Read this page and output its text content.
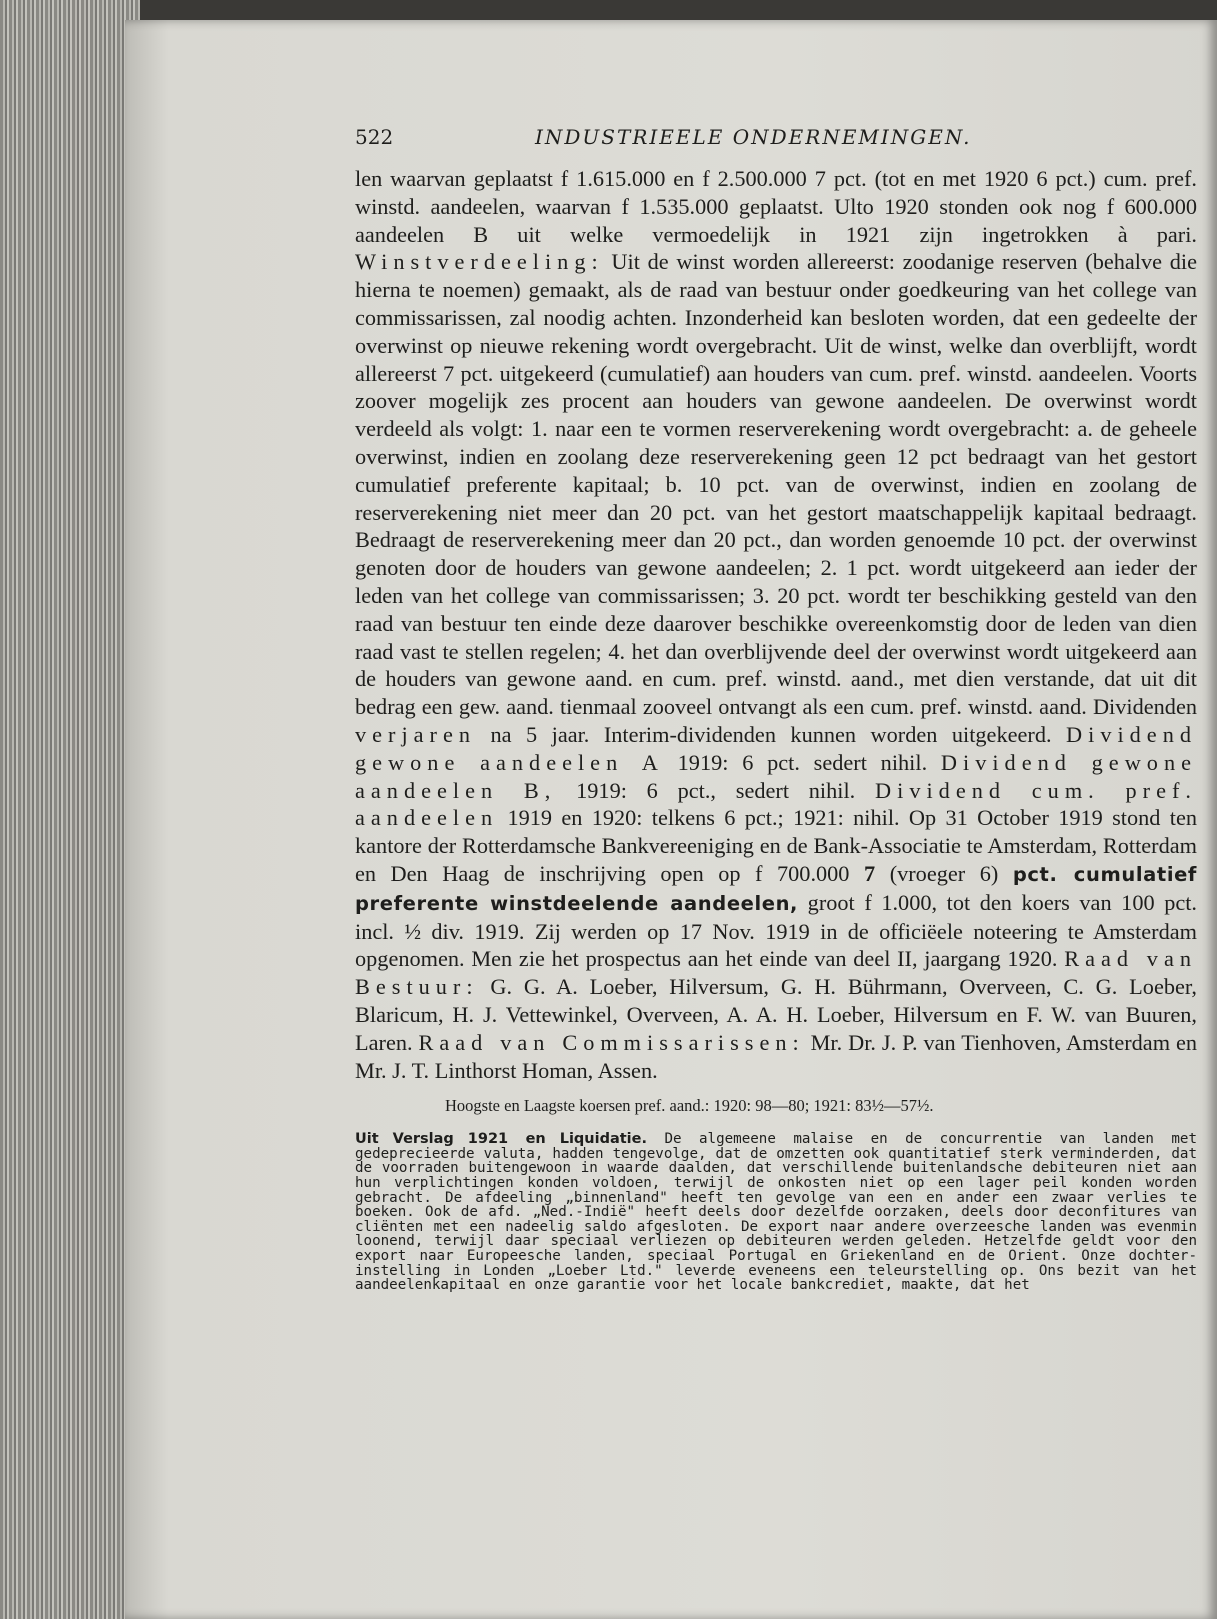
522	INDUSTRIEELE ONDERNEMINGEN.
len waarvan geplaatst f 1.615.000 en f 2.500.000 7 pct. (tot en met 1920 6 pct.) cum. pref. winstd. aandeelen, waarvan f 1.535.000 geplaatst. Ulto 1920 stonden ook nog f 600.000 aandeelen B uit welke vermoedelijk in 1921 zijn ingetrokken à pari. Winstverdeeling: Uit de winst worden allereerst: zoodanige reserven (behalve die hierna te noemen) gemaakt, als de raad van bestuur onder goedkeuring van het college van commissarissen, zal noodig achten. Inzonderheid kan besloten worden, dat een gedeelte der overwinst op nieuwe rekening wordt overgebracht. Uit de winst, welke dan overblijft, wordt allereerst 7 pct. uitgekeerd (cumulatief) aan houders van cum. pref. winstd. aandeelen. Voorts zoover mogelijk zes procent aan houders van gewone aandeelen. De overwinst wordt verdeeld als volgt: 1. naar een te vormen reserverekening wordt overgebracht: a. de geheele overwinst, indien en zoolang deze reserverekening geen 12 pct bedraagt van het gestort cumulatief preferente kapitaal; b. 10 pct. van de overwinst, indien en zoolang de reserverekening niet meer dan 20 pct. van het gestort maatschappelijk kapitaal bedraagt. Bedraagt de reserverekening meer dan 20 pct., dan worden genoemde 10 pct. der overwinst genoten door de houders van gewone aandeelen; 2. 1 pct. wordt uitgekeerd aan ieder der leden van het college van commissarissen; 3. 20 pct. wordt ter beschikking gesteld van den raad van bestuur ten einde deze daarover beschikke overeenkomstig door de leden van dien raad vast te stellen regelen; 4. het dan overblijvende deel der overwinst wordt uitgekeerd aan de houders van gewone aand. en cum. pref. winstd. aand., met dien verstande, dat uit dit bedrag een gew. aand. tienmaal zooveel ontvangt als een cum. pref. winstd. aand. Dividenden verjaren na 5 jaar. Interim-dividenden kunnen worden uitgekeerd. Dividend gewone aandeelen A 1919: 6 pct. sedert nihil. Dividend gewone aandeelen B, 1919: 6 pct., sedert nihil. Dividend cum. pref. aandeelen 1919 en 1920: telkens 6 pct.; 1921: nihil. Op 31 October 1919 stond ten kantore der Rotterdamsche Bankvereeniging en de Bank-Associatie te Amsterdam, Rotterdam en Den Haag de inschrijving open op f 700.000 7 (vroeger 6) pct. cumulatief preferente winstdeelende aandeelen, groot f 1.000, tot den koers van 100 pct. incl. ½ div. 1919. Zij werden op 17 Nov. 1919 in de officiëele noteering te Amsterdam opgenomen. Men zie het prospectus aan het einde van deel II, jaargang 1920. Raad van Bestuur: G. G. A. Loeber, Hilversum, G. H. Bührmann, Overveen, C. G. Loeber, Blaricum, H. J. Vettewinkel, Overveen, A. A. H. Loeber, Hilversum en F. W. van Buuren, Laren. Raad van Commissarissen: Mr. Dr. J. P. van Tienhoven, Amsterdam en Mr. J. T. Linthorst Homan, Assen.
Hoogste en Laagste koersen pref. aand.: 1920: 98—80; 1921: 83½—57½.
Uit Verslag 1921 en Liquidatie. De algemeene malaise en de concurrentie van landen met gedeprecieerde valuta, hadden tengevolge, dat de omzetten ook quantitatief sterk verminderden, dat de voorraden buitengewoon in waarde daalden, dat verschillende buitenlandsche debiteuren niet aan hun verplichtingen konden voldoen, terwijl de onkosten niet op een lager peil konden worden gebracht. De afdeeling „binnenland" heeft ten gevolge van een en ander een zwaar verlies te boeken. Ook de afd. „Ned.-Indië" heeft deels door dezelfde oorzaken, deels door deconfitures van cliënten met een nadeelig saldo afgesloten. De export naar andere overzeesche landen was evenmin loonend, terwijl daar speciaal verliezen op debiteuren werden geleden. Hetzelfde geldt voor den export naar Europeesche landen, speciaal Portugal en Griekenland en de Orient. Onze dochter-instelling in Londen „Loeber Ltd." leverde eveneens een teleurstelling op. Ons bezit van het aandeelenkapitaal en onze garantie voor het locale bankcrediet, maakte, dat het
